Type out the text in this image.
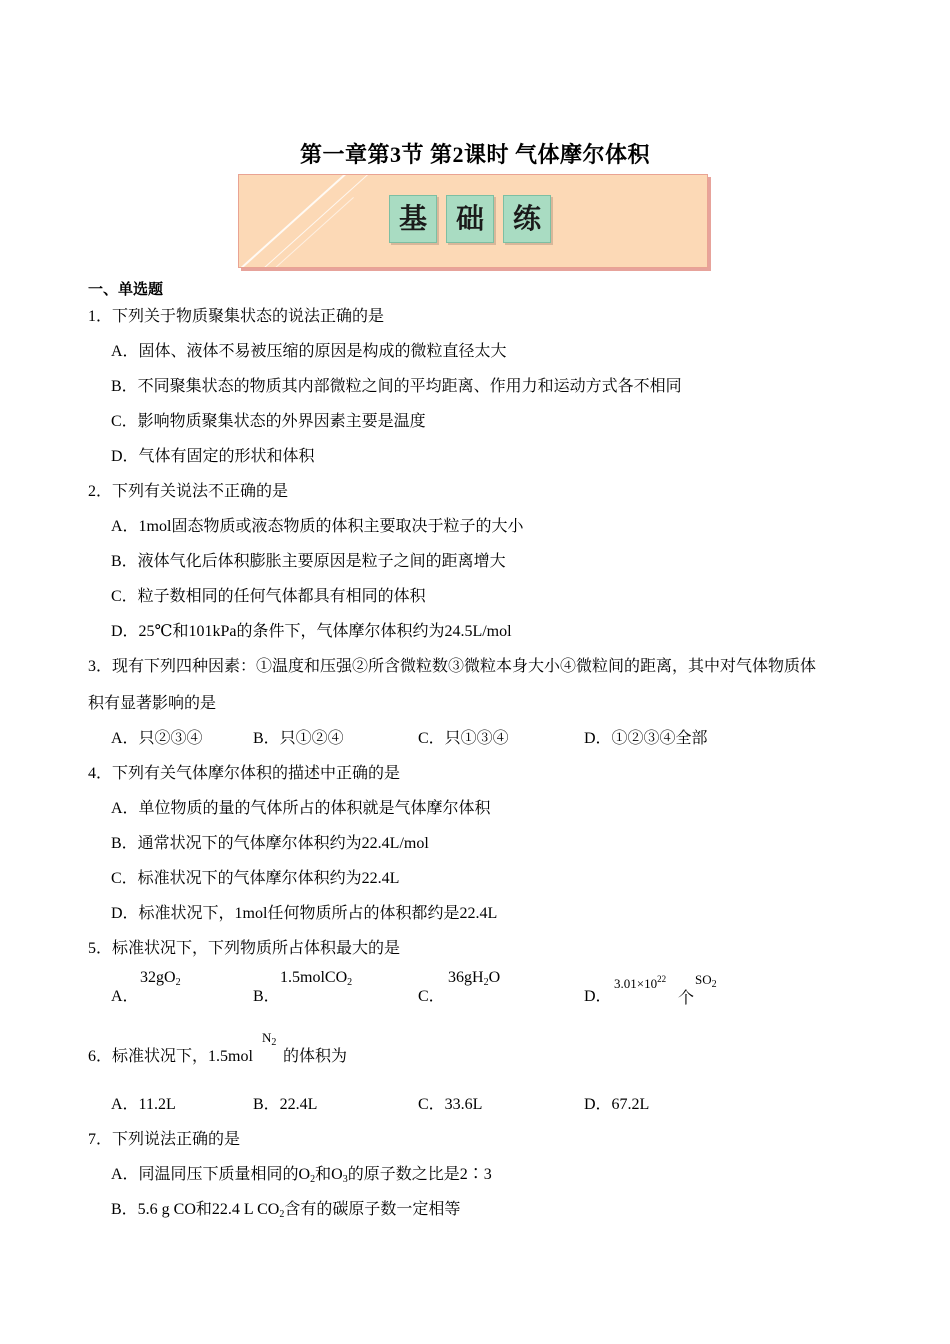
第一章第3节 第2课时 气体摩尔体积
基	础	练
一、单选题
1．下列关于物质聚集状态的说法正确的是
A．固体、液体不易被压缩的原因是构成的微粒直径太大
B．不同聚集状态的物质其内部微粒之间的平均距离、作用力和运动方式各不相同
C．影响物质聚集状态的外界因素主要是温度
D．气体有固定的形状和体积
2．下列有关说法不正确的是
A．1mol固态物质或液态物质的体积主要取决于粒子的大小
B．液体气化后体积膨胀主要原因是粒子之间的距离增大
C．粒子数相同的任何气体都具有相同的体积
D．25℃和101kPa的条件下，气体摩尔体积约为24.5L/mol
3．现有下列四种因素：①温度和压强②所含微粒数③微粒本身大小④微粒间的距离，其中对气体物质体
积有显著影响的是
A．只②③④	B．只①②④	C．只①③④	D．①②③④全部
4．下列有关气体摩尔体积的描述中正确的是
A．单位物质的量的气体所占的体积就是气体摩尔体积
B．通常状况下的气体摩尔体积约为22.4L/mol
C．标准状况下的气体摩尔体积约为22.4L
D．标准状况下，1mol任何物质所占的体积都约是22.4L
5．标准状况下，下列物质所占体积最大的是
A．
$32gO_2$
B．
1.5molCO$_2$
C．
$36gH_2O$
D．
$3.01\times 10^{22}$
个
$SO_2$
6．标准状况下，1.5mol
$N_2$
的体积为
A．11.2L	B．22.4L	C．33.6L	D．67.2L
7．下列说法正确的是
A．同温同压下质量相同的$O_2$和$O_3$的原子数之比是2∶3
B．5.6 g CO和22.4 L $CO_2$含有的碳原子数一定相等
